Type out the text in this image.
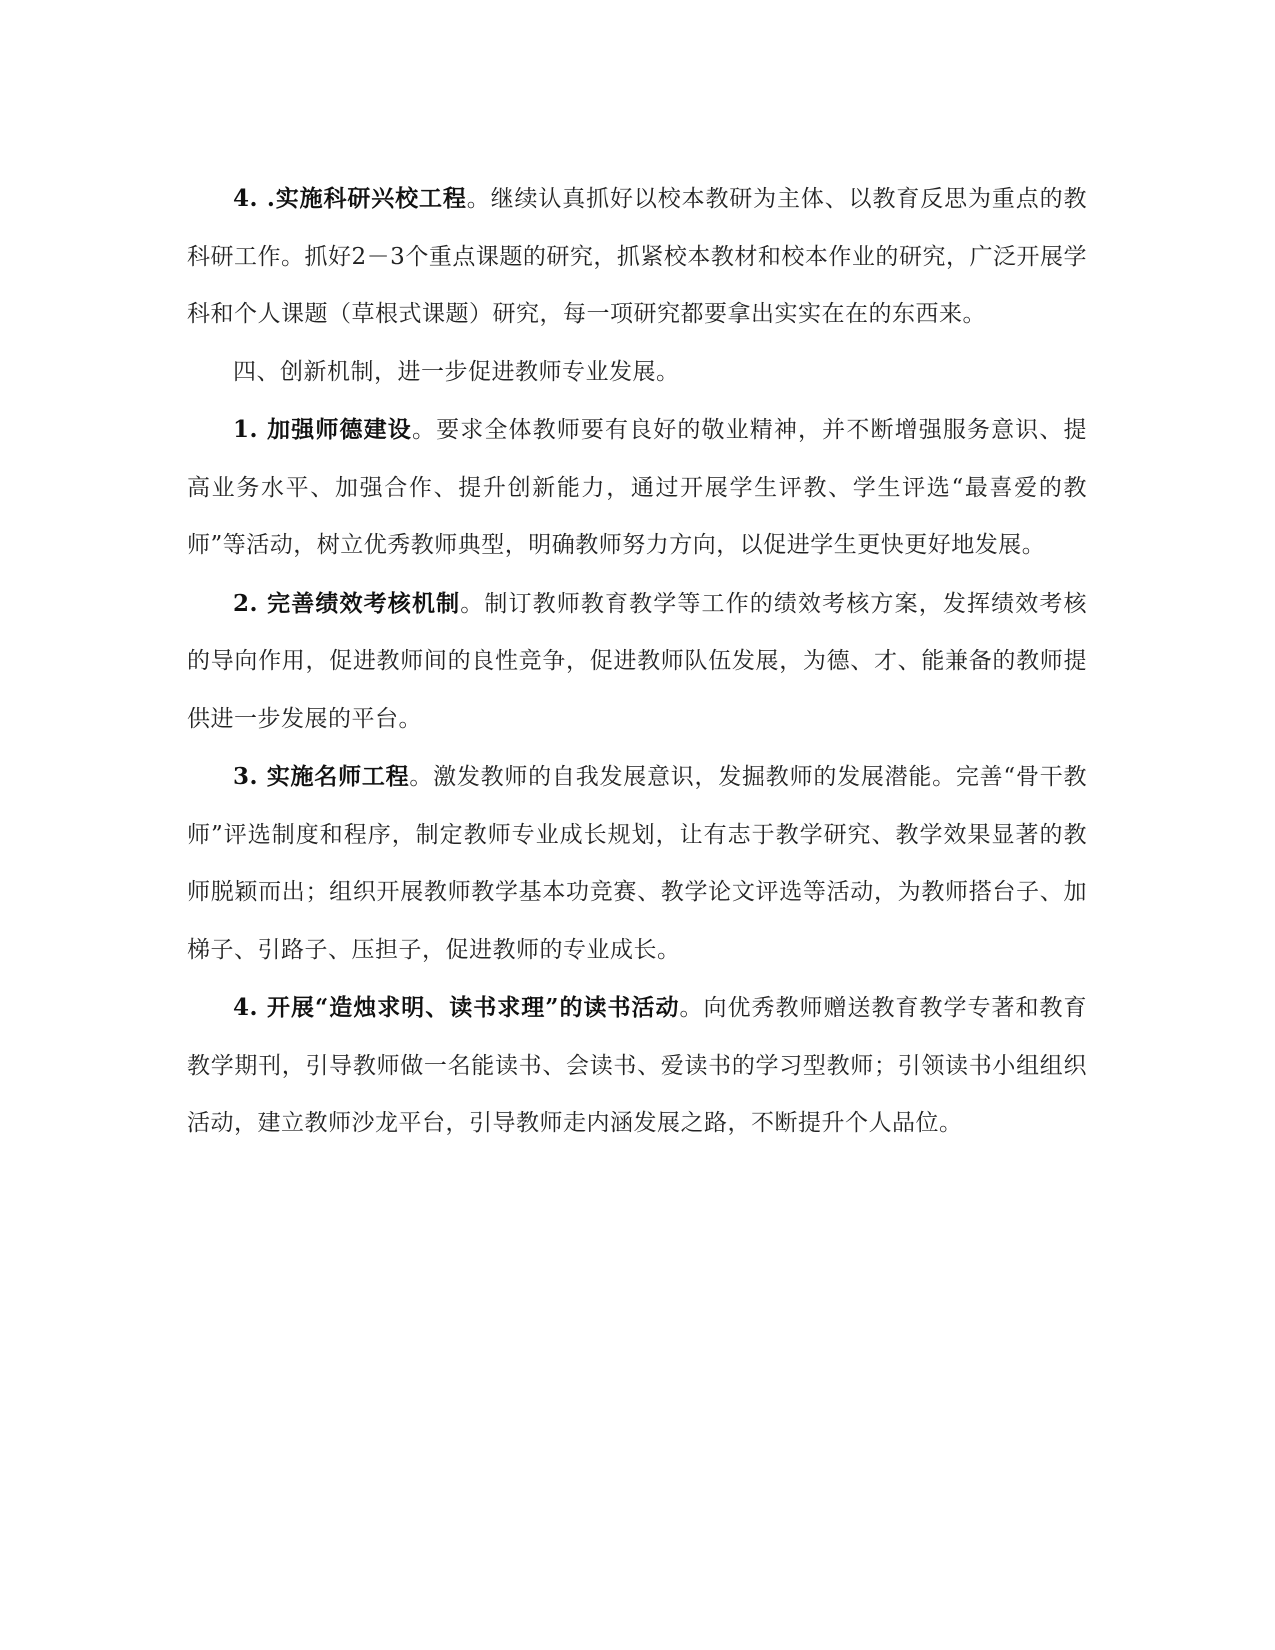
4. .实施科研兴校工程。继续认真抓好以校本教研为主体、以教育反思为重点的教科研工作。抓好2－3个重点课题的研究，抓紧校本教材和校本作业的研究，广泛开展学科和个人课题（草根式课题）研究，每一项研究都要拿出实实在在的东西来。

四、创新机制，进一步促进教师专业发展。

1. 加强师德建设。要求全体教师要有良好的敬业精神，并不断增强服务意识、提高业务水平、加强合作、提升创新能力，通过开展学生评教、学生评选“最喜爱的教师”等活动，树立优秀教师典型，明确教师努力方向，以促进学生更快更好地发展。

2. 完善绩效考核机制。制订教师教育教学等工作的绩效考核方案，发挥绩效考核的导向作用，促进教师间的良性竞争，促进教师队伍发展，为德、才、能兼备的教师提供进一步发展的平台。

3. 实施名师工程。激发教师的自我发展意识，发掘教师的发展潜能。完善“骨干教师”评选制度和程序，制定教师专业成长规划，让有志于教学研究、教学效果显著的教师脱颖而出；组织开展教师教学基本功竞赛、教学论文评选等活动，为教师搭台子、加梯子、引路子、压担子，促进教师的专业成长。

4. 开展“造烛求明、读书求理”的读书活动。向优秀教师赠送教育教学专著和教育教学期刊，引导教师做一名能读书、会读书、爱读书的学习型教师；引领读书小组组织活动，建立教师沙龙平台，引导教师走内涵发展之路，不断提升个人品位。
